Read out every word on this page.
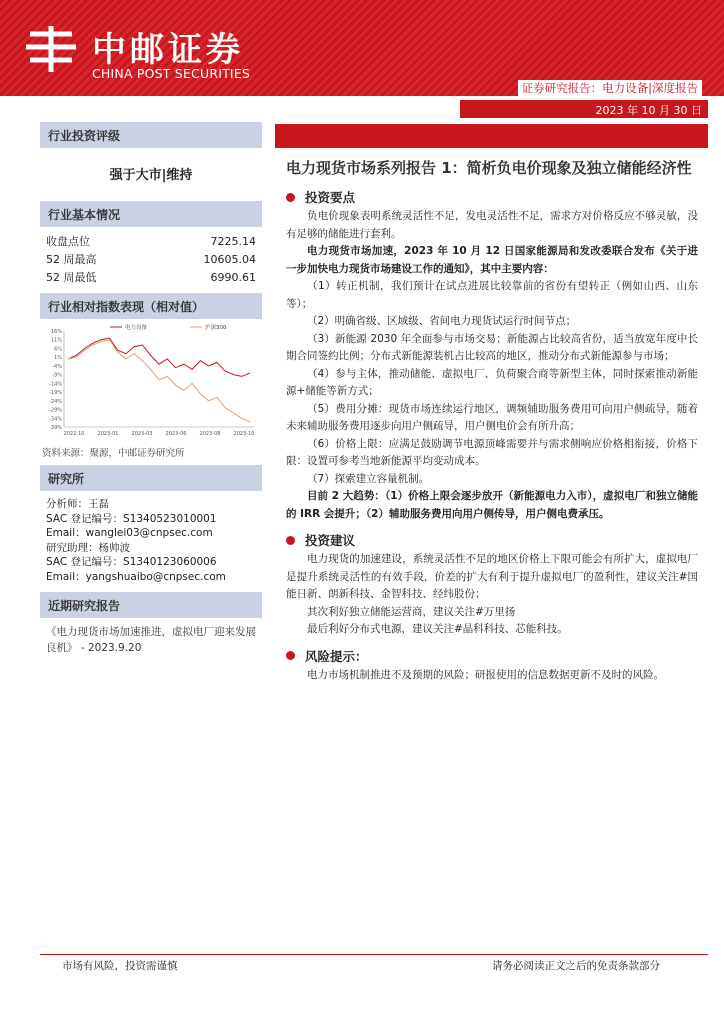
中邮证券
CHINA POST SECURITIES
证券研究报告：电力设备|深度报告
2023 年 10 月 30 日
行业投资评级
强于大市|维持
行业基本情况
收盘点位	7225.14
52 周最高	10605.04
52 周最低	6990.61
行业相对指数表现（相对值）
16%
11%
6%
1%
-4%
-9%
-14%
-19%
-24%
-29%
-34%
-39%
2022-10	2023-01	2023-03	2023-06	2023-08	2023-10
电力设备	沪深300
资料来源：聚源，中邮证券研究所
研究所

分析师：王磊

SAC 登记编号：S1340523010001

Email：wanglei03@cnpsec.com

研究助理：杨帅波

SAC 登记编号：S1340123060006

Email：yangshuaibo@cnpsec.com

近期研究报告
《电力现货市场加速推进，虚拟电厂迎来发展良机》 - 2023.9.20
电力现货市场系列报告 1：简析负电价现象及独立储能经济性
投资要点

负电价现象表明系统灵活性不足，发电灵活性不足，需求方对价格反应不够灵敏，没有足够的储能进行套利。

电力现货市场加速，2023 年 10 月 12 日国家能源局和发改委联合发布《关于进一步加快电力现货市场建设工作的通知》，其中主要内容：

（1）转正机制，我们预计在试点进展比较靠前的省份有望转正（例如山西、山东等）；

（2）明确省级、区域级、省间电力现货试运行时间节点；

（3）新能源 2030 年全面参与市场交易；新能源占比较高省份，适当放宽年度中长期合同签约比例；分布式新能源装机占比较高的地区，推动分布式新能源参与市场；

（4）参与主体，推动储能、虚拟电厂、负荷聚合商等新型主体，同时探索推动新能源+储能等新方式；

（5）费用分摊：现货市场连续运行地区，调频辅助服务费用可向用户侧疏导，随着未来辅助服务费用逐步向用户侧疏导，用户侧电价会有所升高；

（6）价格上限：应满足鼓励调节电源顶峰需要并与需求侧响应价格相衔接，价格下限：设置可参考当地新能源平均变动成本。

（7）探索建立容量机制。

目前 2 大趋势：（1）价格上限会逐步放开（新能源电力入市），虚拟电厂和独立储能的 IRR 会提升；（2）辅助服务费用向用户侧传导，用户侧电费承压。

投资建议

电力现货的加速建设，系统灵活性不足的地区价格上下限可能会有所扩大，虚拟电厂是提升系统灵活性的有效手段，价差的扩大有利于提升虚拟电厂的盈利性，建议关注#国能日新、朗新科技、金智科技、经纬股份；

其次利好独立储能运营商，建议关注#万里扬

最后利好分布式电源，建议关注#晶科科技、芯能科技。

风险提示：

电力市场机制推进不及预期的风险；研报使用的信息数据更新不及时的风险。

市场有风险，投资需谨慎	请务必阅读正文之后的免责条款部分
